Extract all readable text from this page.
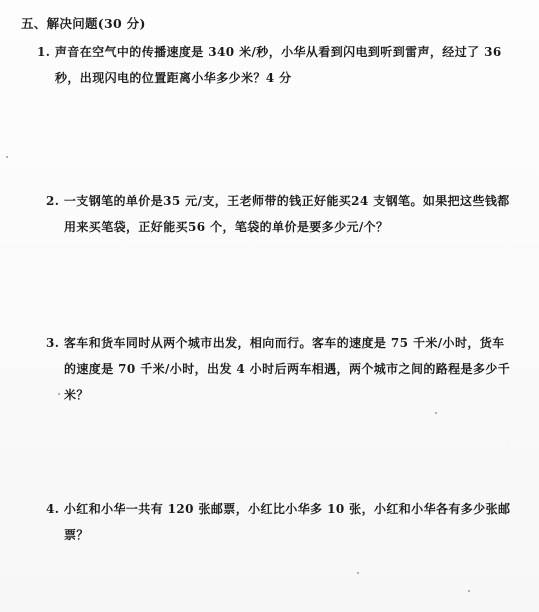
五、解决问题(30 分)
1. 声音在空气中的传播速度是 340 米/秒，小华从看到闪电到听到雷声，经过了 36
秒，出现闪电的位置距离小华多少米？4 分
2. 一支钢笔的单价是35 元/支，王老师带的钱正好能买24 支钢笔。如果把这些钱都
用来买笔袋，正好能买56 个，笔袋的单价是要多少元/个？
3. 客车和货车同时从两个城市出发，相向而行。客车的速度是 75 千米/小时，货车
的速度是 70 千米/小时，出发 4 小时后两车相遇，两个城市之间的路程是多少千
米？
4. 小红和小华一共有 120 张邮票，小红比小华多 10 张，小红和小华各有多少张邮
票？
